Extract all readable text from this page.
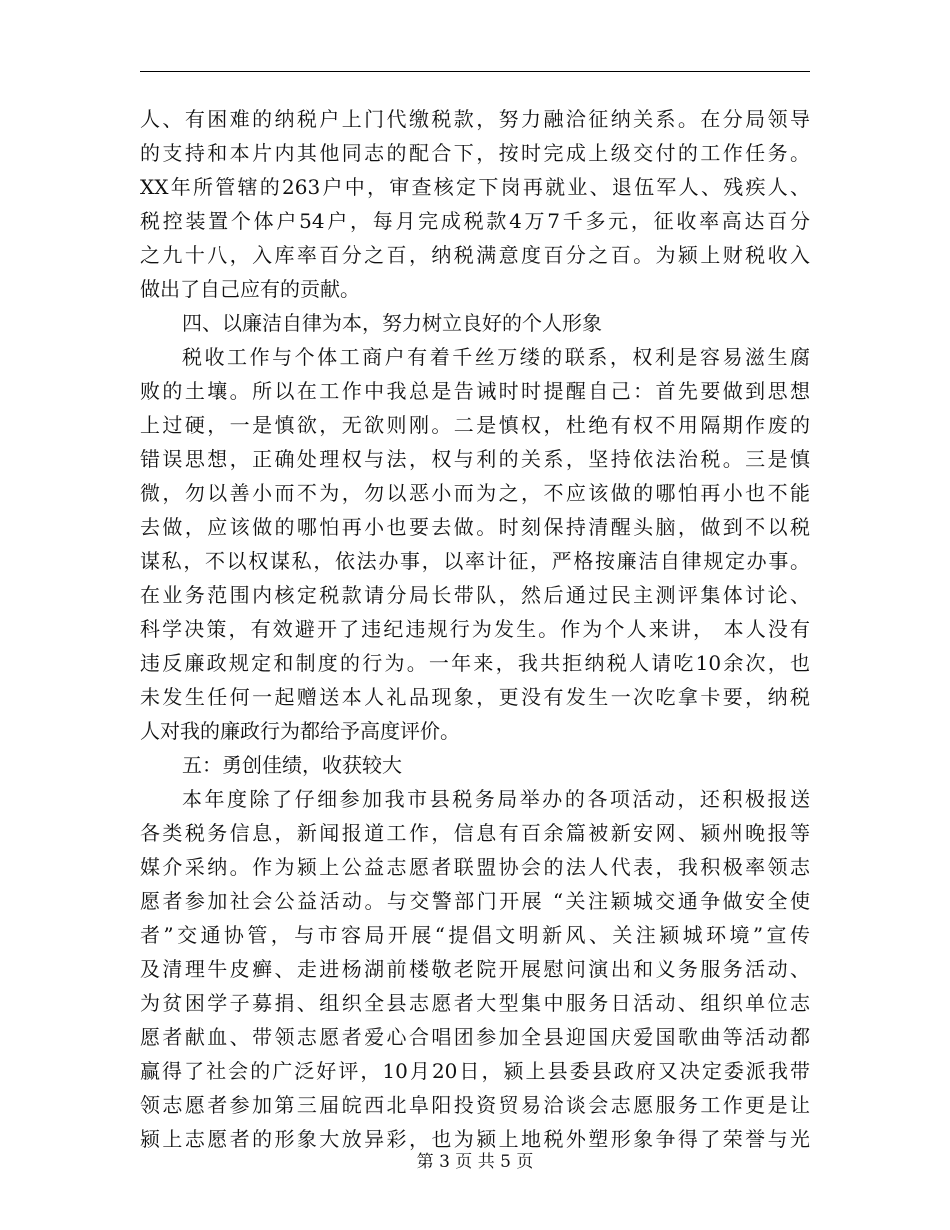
人、有困难的纳税户上门代缴税款，努力融洽征纳关系。在分局领导
的支持和本片内其他同志的配合下，按时完成上级交付的工作任务。
XX年所管辖的263户中，审查核定下岗再就业、退伍军人、残疾人、
税控装置个体户54户，每月完成税款4万7千多元，征收率高达百分
之九十八，入库率百分之百，纳税满意度百分之百。为颍上财税收入
做出了自己应有的贡献。
四、以廉洁自律为本，努力树立良好的个人形象
税收工作与个体工商户有着千丝万缕的联系，权利是容易滋生腐
败的土壤。所以在工作中我总是告诫时时提醒自己：首先要做到思想
上过硬，一是慎欲，无欲则刚。二是慎权，杜绝有权不用隔期作废的
错误思想，正确处理权与法，权与利的关系，坚持依法治税。三是慎
微，勿以善小而不为，勿以恶小而为之，不应该做的哪怕再小也不能
去做，应该做的哪怕再小也要去做。时刻保持清醒头脑，做到不以税
谋私，不以权谋私，依法办事，以率计征，严格按廉洁自律规定办事。
在业务范围内核定税款请分局长带队，然后通过民主测评集体讨论、
科学决策，有效避开了违纪违规行为发生。作为个人来讲， 本人没有
违反廉政规定和制度的行为。一年来，我共拒纳税人请吃10余次，也
未发生任何一起赠送本人礼品现象，更没有发生一次吃拿卡要，纳税
人对我的廉政行为都给予高度评价。
五：勇创佳绩，收获较大
本年度除了仔细参加我市县税务局举办的各项活动，还积极报送
各类税务信息，新闻报道工作，信息有百余篇被新安网、颍州晚报等
媒介采纳。作为颍上公益志愿者联盟协会的法人代表，我积极率领志
愿者参加社会公益活动。与交警部门开展 “关注颖城交通争做安全使
者”交通协管，与市容局开展“提倡文明新风、关注颍城环境”宣传
及清理牛皮癣、走进杨湖前楼敬老院开展慰问演出和义务服务活动、
为贫困学子募捐、组织全县志愿者大型集中服务日活动、组织单位志
愿者献血、带领志愿者爱心合唱团参加全县迎国庆爱国歌曲等活动都
赢得了社会的广泛好评，10月20日，颍上县委县政府又决定委派我带
领志愿者参加第三届皖西北阜阳投资贸易洽谈会志愿服务工作更是让
颍上志愿者的形象大放异彩，也为颍上地税外塑形象争得了荣誉与光
第 3 页 共 5 页
